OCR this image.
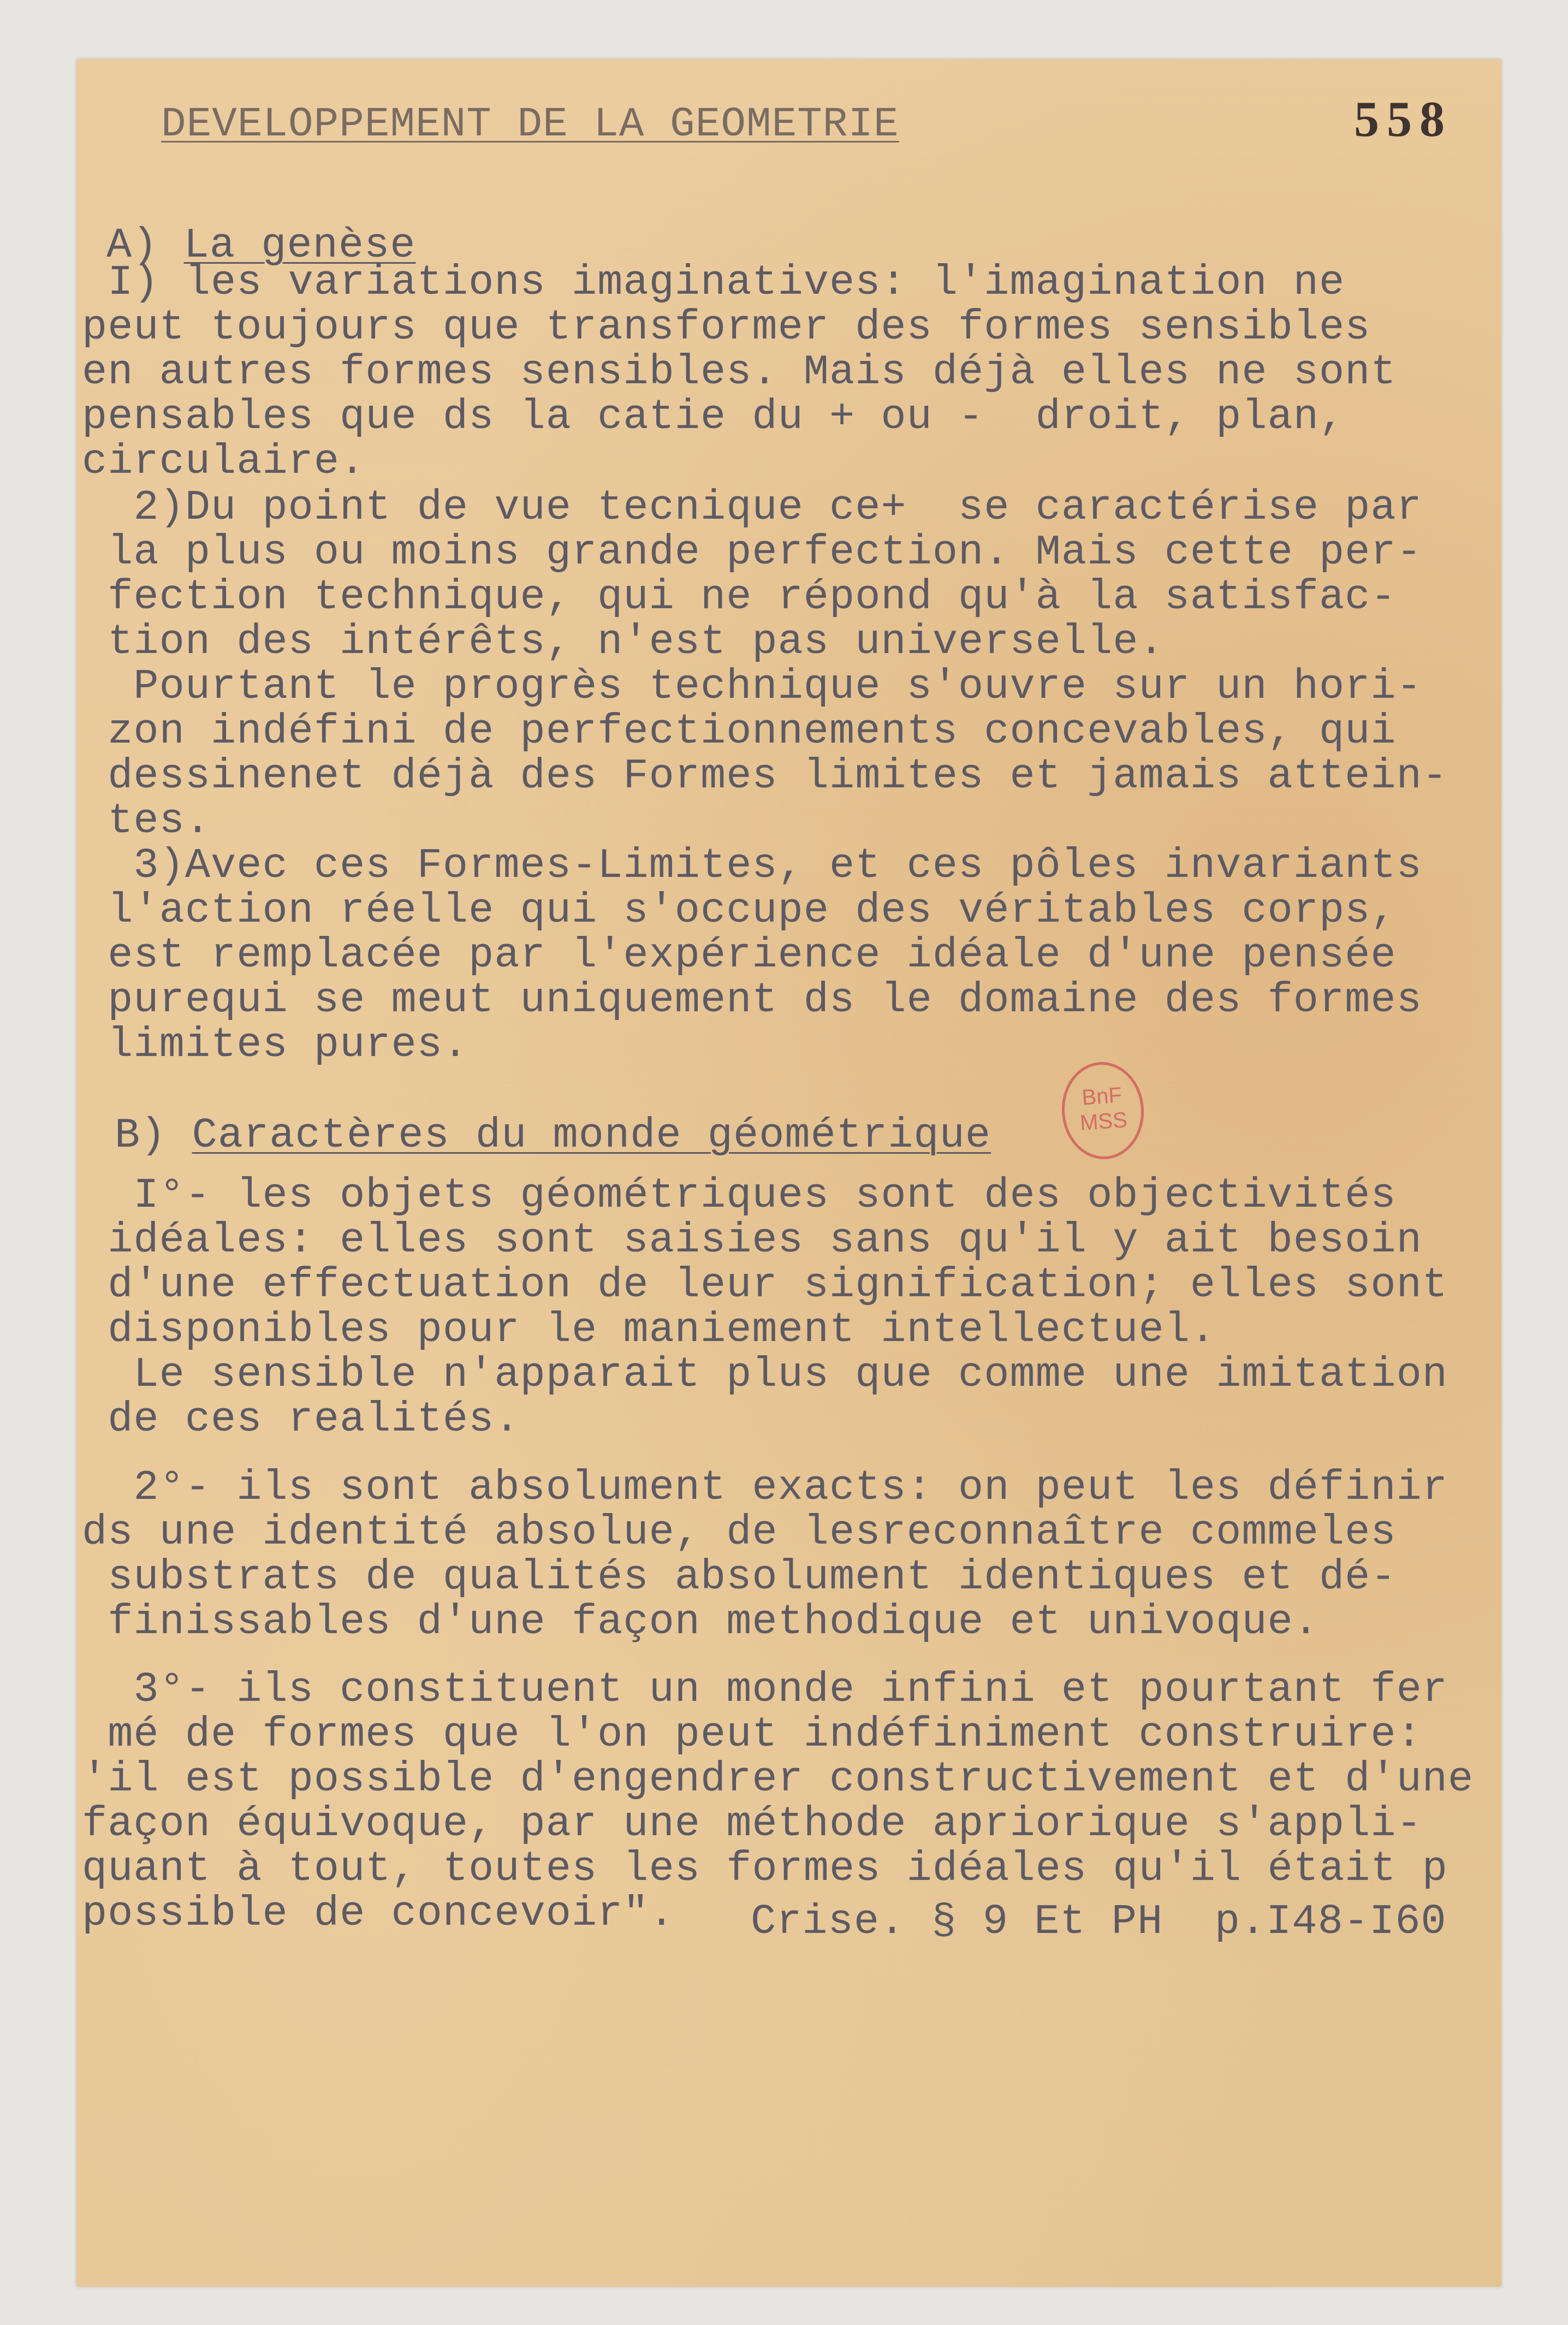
DEVELOPPEMENT DE LA GEOMETRIE	558
A) La genèse
I) les variations imaginatives: l'imagination ne
peut toujours que transformer des formes sensibles
en autres formes sensibles. Mais déjà elles ne sont
pensables que ds la catie du + ou -  droit, plan,
circulaire.
2)Du point de vue tecnique ce+  se caractérise par
la plus ou moins grande perfection. Mais cette per-
fection technique, qui ne répond qu'à la satisfac-
tion des intérêts, n'est pas universelle.
Pourtant le progrès technique s'ouvre sur un hori-
zon indéfini de perfectionnements concevables, qui
dessinenet déjà des Formes limites et jamais attein-
tes.
3)Avec ces Formes-Limites, et ces pôles invariants
l'action réelle qui s'occupe des véritables corps,
est remplacée par l'expérience idéale d'une pensée
purequi se meut uniquement ds le domaine des formes
limites pures.
B) Caractères du monde géométrique
BnF
MSS
I°- les objets géométriques sont des objectivités
idéales: elles sont saisies sans qu'il y ait besoin
d'une effectuation de leur signification; elles sont
disponibles pour le maniement intellectuel.
Le sensible n'apparait plus que comme une imitation
de ces realités.
2°- ils sont absolument exacts: on peut les définir
ds une identité absolue, de lesreconnaître commeles
substrats de qualités absolument identiques et dé-
finissables d'une façon methodique et univoque.
3°- ils constituent un monde infini et pourtant fer
mé de formes que l'on peut indéfiniment construire:
'il est possible d'engendrer constructivement et d'une
façon équivoque, par une méthode apriorique s'appli-
quant à tout, toutes les formes idéales qu'il était p
possible de concevoir". Crise. § 9 Et PH  p.I48-I60
